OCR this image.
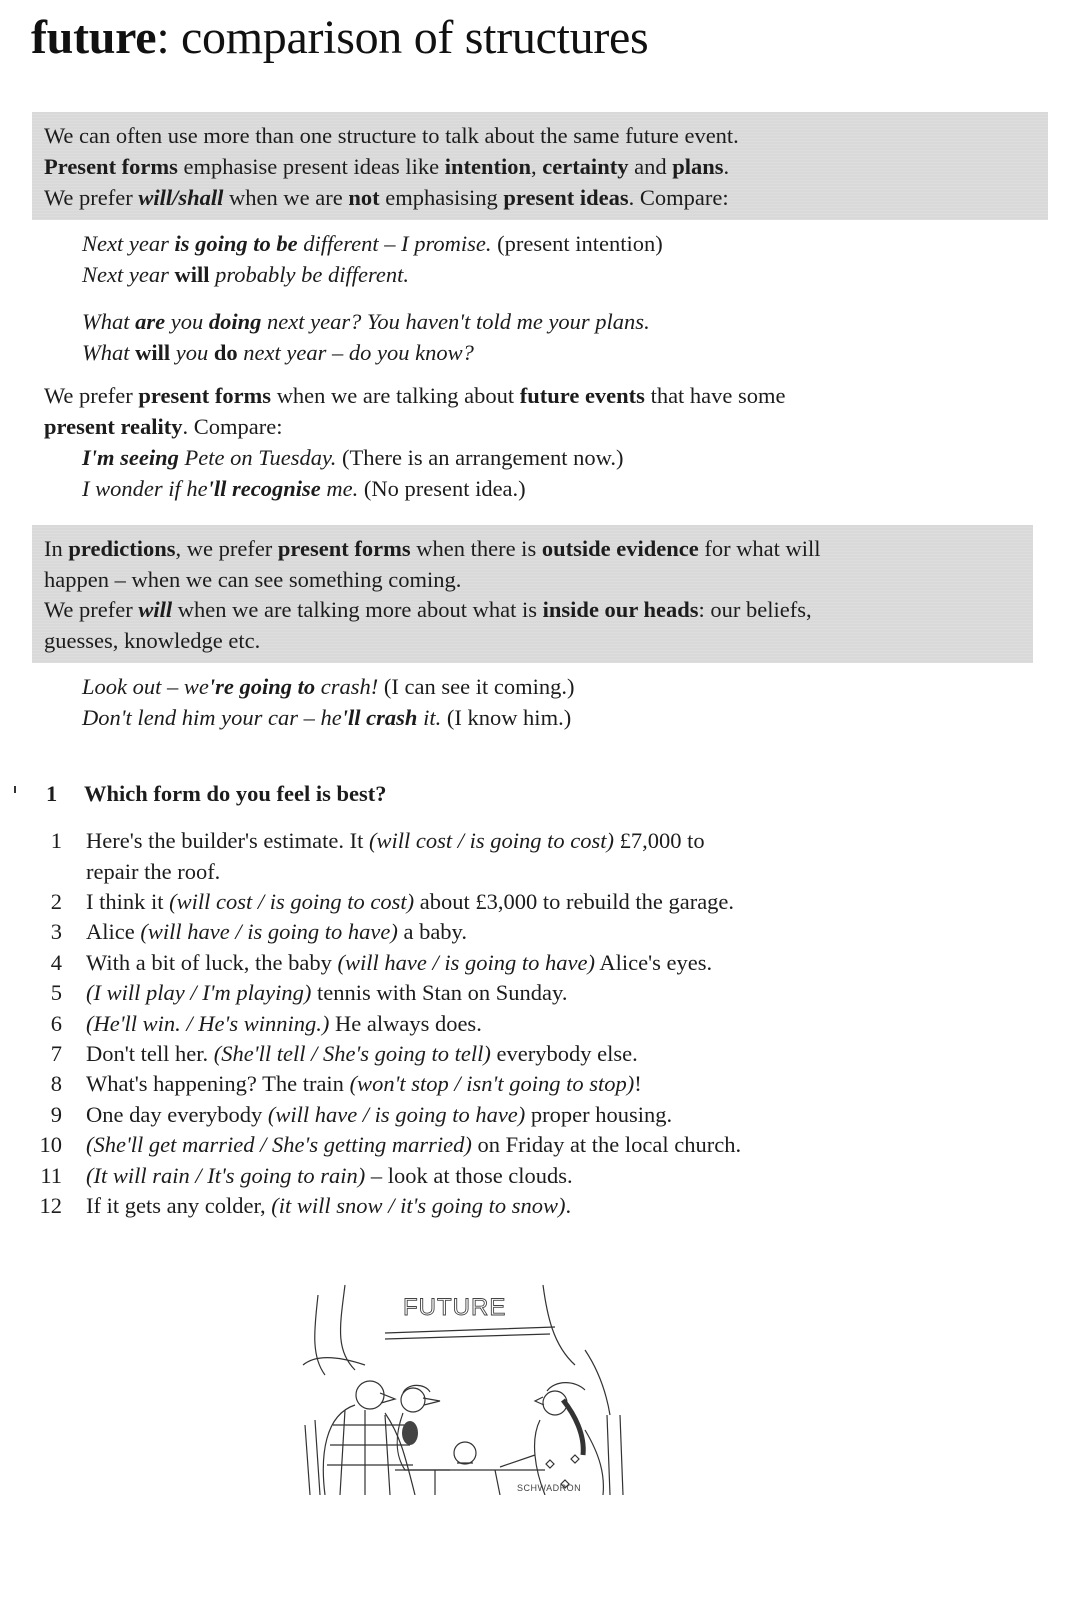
future: comparison of structures
We can often use more than one structure to talk about the same future event.
Present forms emphasise present ideas like intention, certainty and plans.
We prefer will/shall when we are not emphasising present ideas. Compare:
Next year is going to be different – I promise. (present intention)
Next year will probably be different.
What are you doing next year? You haven't told me your plans.
What will you do next year – do you know?
We prefer present forms when we are talking about future events that have some
present reality. Compare:
I'm seeing Pete on Tuesday. (There is an arrangement now.)
I wonder if he'll recognise me. (No present idea.)
In predictions, we prefer present forms when there is outside evidence for what will
happen – when we can see something coming.
We prefer will when we are talking more about what is inside our heads: our beliefs,
guesses, knowledge etc.
Look out – we're going to crash! (I can see it coming.)
Don't lend him your car – he'll crash it. (I know him.)
1 Which form do you feel is best?
1 Here's the builder's estimate. It (will cost / is going to cost) £7,000 to
repair the roof.
2 I think it (will cost / is going to cost) about £3,000 to rebuild the garage.
3 Alice (will have / is going to have) a baby.
4 With a bit of luck, the baby (will have / is going to have) Alice's eyes.
5 (I will play / I'm playing) tennis with Stan on Sunday.
6 (He'll win. / He's winning.) He always does.
7 Don't tell her. (She'll tell / She's going to tell) everybody else.
8 What's happening? The train (won't stop / isn't going to stop)!
9 One day everybody (will have / is going to have) proper housing.
10 (She'll get married / She's getting married) on Friday at the local church.
11 (It will rain / It's going to rain) – look at those clouds.
12 If it gets any colder, (it will snow / it's going to snow).
FUTURE
SCHWADRON
